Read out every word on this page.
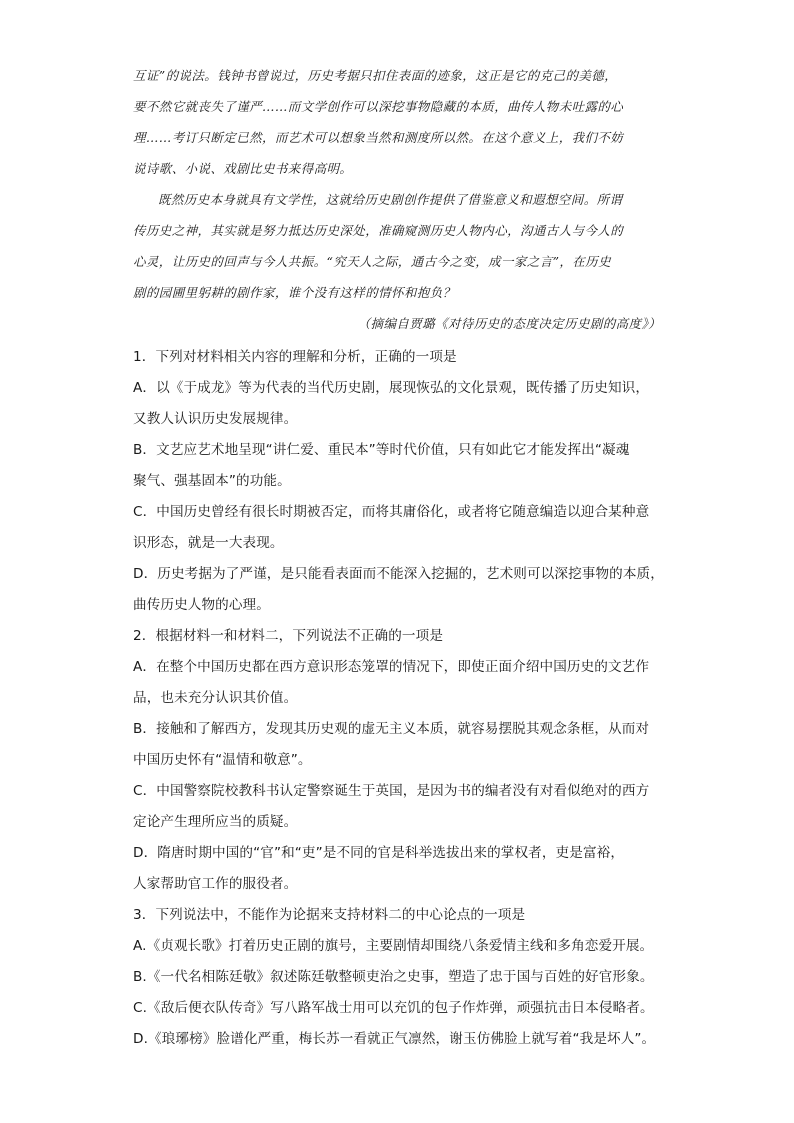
互证”的说法。钱钟书曾说过，历史考据只扣住表面的迹象，这正是它的克己的美德，

要不然它就丧失了谨严……而文学创作可以深挖事物隐藏的本质，曲传人物未吐露的心

理……考订只断定已然，而艺术可以想象当然和测度所以然。在这个意义上，我们不妨

说诗歌、小说、戏剧比史书来得高明。

既然历史本身就具有文学性，这就给历史剧创作提供了借鉴意义和遐想空间。所谓

传历史之神，其实就是努力抵达历史深处，准确窥测历史人物内心，沟通古人与今人的

心灵，让历史的回声与今人共振。“究天人之际，通古今之变，成一家之言”，在历史

剧的园圃里躬耕的剧作家，谁个没有这样的情怀和抱负？

（摘编自贾璐《对待历史的态度决定历史剧的高度》）

1．下列对材料相关内容的理解和分析，正确的一项是

A．以《于成龙》等为代表的当代历史剧，展现恢弘的文化景观，既传播了历史知识，

又教人认识历史发展规律。

B．文艺应艺术地呈现“讲仁爱、重民本”等时代价值，只有如此它才能发挥出“凝魂

聚气、强基固本”的功能。

C．中国历史曾经有很长时期被否定，而将其庸俗化，或者将它随意编造以迎合某种意

识形态，就是一大表现。

D．历史考据为了严谨，是只能看表面而不能深入挖掘的，艺术则可以深挖事物的本质，

曲传历史人物的心理。

2．根据材料一和材料二，下列说法不正确的一项是

A．在整个中国历史都在西方意识形态笼罩的情况下，即使正面介绍中国历史的文艺作

品，也未充分认识其价值。

B．接触和了解西方，发现其历史观的虚无主义本质，就容易摆脱其观念条框，从而对

中国历史怀有“温情和敬意”。

C．中国警察院校教科书认定警察诞生于英国，是因为书的编者没有对看似绝对的西方

定论产生理所应当的质疑。

D．隋唐时期中国的“官”和“吏”是不同的官是科举选拔出来的掌权者，吏是富裕，

人家帮助官工作的服役者。

3．下列说法中，不能作为论据来支持材料二的中心论点的一项是

A.《贞观长歌》打着历史正剧的旗号，主要剧情却围绕八条爱情主线和多角恋爱开展。

B.《一代名相陈廷敬》叙述陈廷敬整顿吏治之史事，塑造了忠于国与百姓的好官形象。

C.《敌后便衣队传奇》写八路军战士用可以充饥的包子作炸弹，顽强抗击日本侵略者。

D.《琅琊榜》脸谱化严重，梅长苏一看就正气凛然，谢玉仿佛脸上就写着“我是坏人”。
